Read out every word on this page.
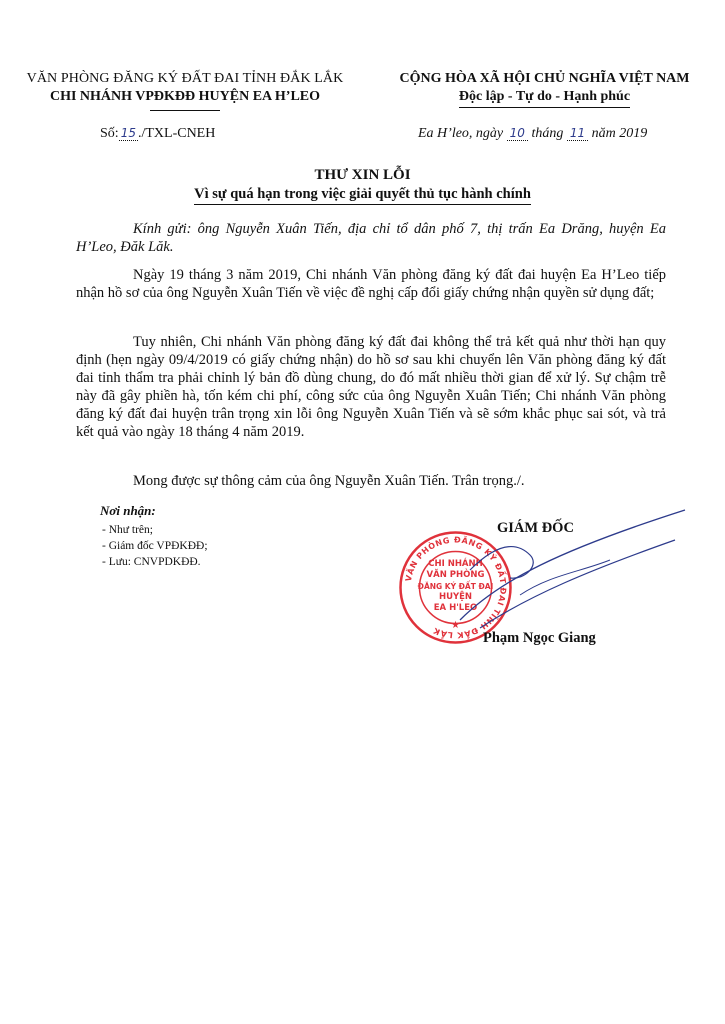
VĂN PHÒNG ĐĂNG KÝ ĐẤT ĐAI TỈNH ĐẮK LẮK
CHI NHÁNH VPĐKĐĐ HUYỆN EA H’LEO
CỘNG HÒA XÃ HỘI CHỦ NGHĨA VIỆT NAM
Độc lập - Tự do - Hạnh phúc
Số: 15 ./TXL-CNEH	Ea H’leo, ngày 10 tháng 11 năm 2019
THƯ XIN LỖI
Vì sự quá hạn trong việc giải quyết thủ tục hành chính
Kính gửi: ông Nguyễn Xuân Tiến, địa chỉ tổ dân phố 7, thị trấn Ea Drăng, huyện Ea H’Leo, Đăk Lăk.
Ngày 19 tháng 3 năm 2019, Chi nhánh Văn phòng đăng ký đất đai huyện Ea H’Leo tiếp nhận hồ sơ của ông Nguyễn Xuân Tiến về việc đề nghị cấp đổi giấy chứng nhận quyền sử dụng đất;
Tuy nhiên, Chi nhánh Văn phòng đăng ký đất đai không thể trả kết quả như thời hạn quy định (hẹn ngày 09/4/2019 có giấy chứng nhận) do hồ sơ sau khi chuyển lên Văn phòng đăng ký đất đai tỉnh thẩm tra phải chỉnh lý bản đồ dùng chung, do đó mất nhiều thời gian để xử lý. Sự chậm trễ này đã gây phiền hà, tốn kém chi phí, công sức của ông Nguyễn Xuân Tiến; Chi nhánh Văn phòng đăng ký đất đai huyện trân trọng xin lỗi ông Nguyễn Xuân Tiến và sẽ sớm khắc phục sai sót, và trả kết quả vào ngày 18 tháng 4 năm 2019.
Mong được sự thông cảm của ông Nguyễn Xuân Tiến. Trân trọng./.
Nơi nhận:
- Như trên;
- Giám đốc VPĐKĐĐ;
- Lưu: CNVPDKĐĐ.
GIÁM ĐỐC
VĂN PHÒNG ĐĂNG KÝ ĐẤT ĐAI TỈNH ĐẮK LẮK
★
CHI NHÁNH
VĂN PHÒNG
ĐĂNG KÝ ĐẤT ĐAI
HUYỆN
EA H'LEO
Phạm Ngọc Giang
